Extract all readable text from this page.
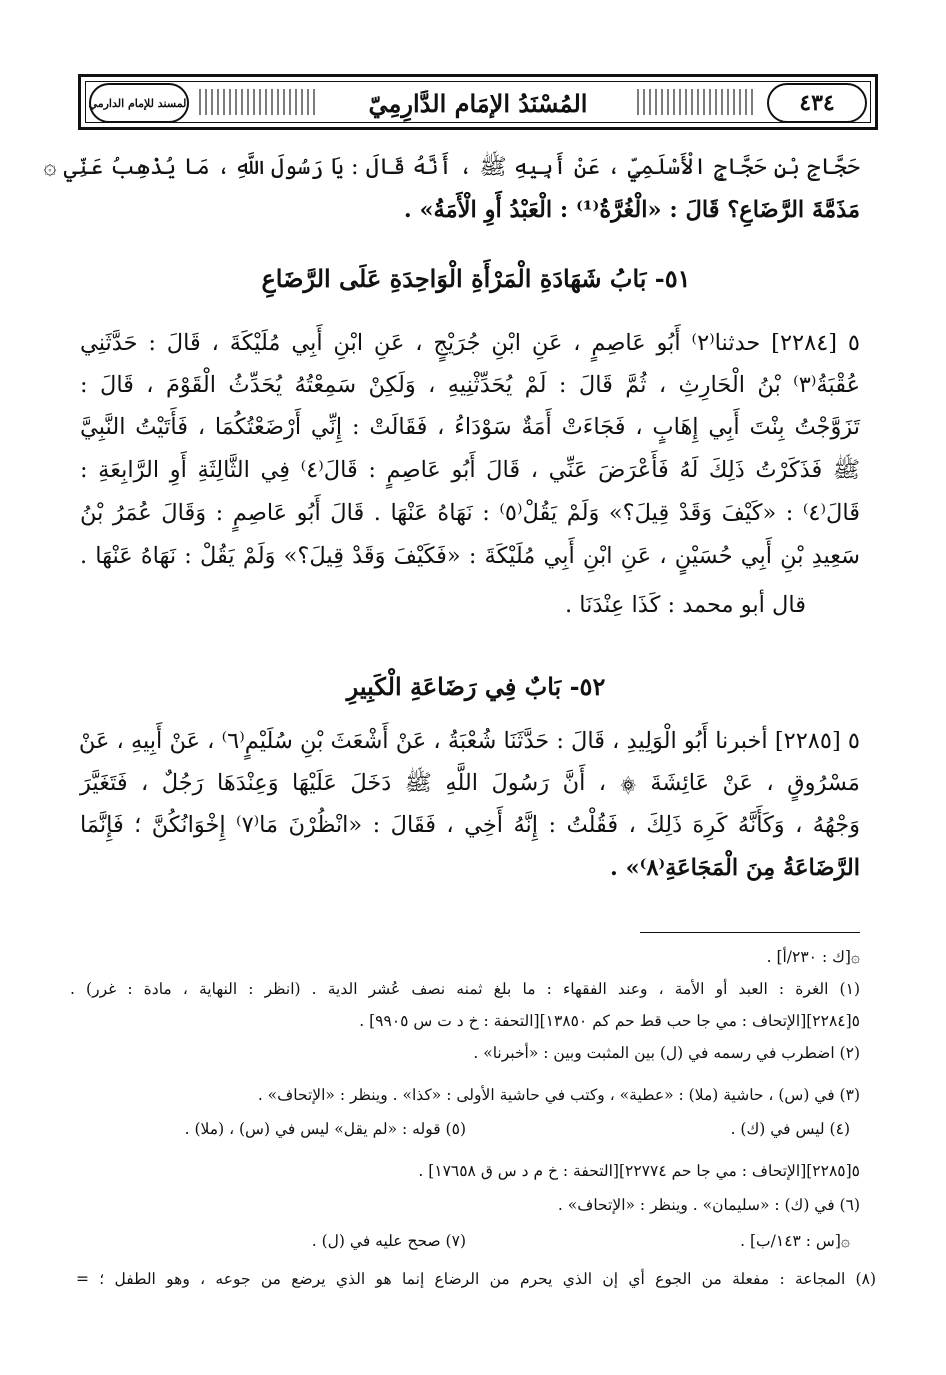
٤٣٤
المُسْنَدُ الإمَام الدَّارِمِيّ
المسند للإمام الدارمي
حَجَّاجِ بْنِ حَجَّاجٍ الْأَسْلَمِيِّ ، عَنْ أَبِيهِ ﷺ ، أَنَّهُ قَالَ : يَا رَسُولَ اللَّهِ ، مَا يُذْهِبُ عَنِّي ۞
مَذَمَّةَ الرَّضَاعِ؟ قَالَ : «الْغُرَّةُ⁽¹⁾ : الْعَبْدُ أَوِ الْأَمَةُ» .
٥١- بَابُ شَهَادَةِ الْمَرْأَةِ الْوَاحِدَةِ عَلَى الرَّضَاعِ
٥ [٢٢٨٤] حدثنا⁽٢⁾ أَبُو عَاصِمٍ ، عَنِ ابْنِ جُرَيْجٍ ، عَنِ ابْنِ أَبِي مُلَيْكَةَ ، قَالَ : حَدَّثَنِي
عُقْبَةُ⁽٣⁾ بْنُ الْحَارِثِ ، ثُمَّ قَالَ : لَمْ يُحَدِّثْنِيهِ ، وَلَكِنْ سَمِعْتُهُ يُحَدِّثُ الْقَوْمَ ، قَالَ :
تَزَوَّجْتُ بِنْتَ أَبِي إِهَابٍ ، فَجَاءَتْ أَمَةٌ سَوْدَاءُ ، فَقَالَتْ : إِنِّي أَرْضَعْتُكُمَا ، فَأَتَيْتُ النَّبِيَّ
ﷺ فَذَكَرْتُ ذَلِكَ لَهُ فَأَعْرَضَ عَنِّي ، قَالَ أَبُو عَاصِمٍ : قَالَ⁽٤⁾ فِي الثَّالِثَةِ أَوِ الرَّابِعَةِ :
قَالَ⁽٤⁾ : «كَيْفَ وَقَدْ قِيلَ؟» وَلَمْ يَقُلْ⁽٥⁾ : نَهَاهُ عَنْهَا . قَالَ أَبُو عَاصِمٍ : وَقَالَ عُمَرُ بْنُ
سَعِيدِ بْنِ أَبِي حُسَيْنٍ ، عَنِ ابْنِ أَبِي مُلَيْكَةَ : «فَكَيْفَ وَقَدْ قِيلَ؟» وَلَمْ يَقُلْ : نَهَاهُ عَنْهَا .
قال أبو محمد : كَذَا عِنْدَنَا .
٥٢- بَابٌ فِي رَضَاعَةِ الْكَبِيرِ
٥ [٢٢٨٥] أخبرنا أَبُو الْوَلِيدِ ، قَالَ : حَدَّثَنَا شُعْبَةُ ، عَنْ أَشْعَثَ بْنِ سُلَيْمٍ⁽٦⁾ ، عَنْ أَبِيهِ ، عَنْ
مَسْرُوقٍ ، عَنْ عَائِشَةَ ۞ ، أَنَّ رَسُولَ اللَّهِ ﷺ دَخَلَ عَلَيْهَا وَعِنْدَهَا رَجُلٌ ، فَتَغَيَّرَ
وَجْهُهُ ، وَكَأَنَّهُ كَرِهَ ذَلِكَ ، فَقُلْتُ : إِنَّهُ أَخِي ، فَقَالَ : «انْظُرْنَ مَا⁽٧⁾ إِخْوَانُكُنَّ ؛ فَإِنَّمَا
الرَّضَاعَةُ مِنَ الْمَجَاعَةِ⁽٨⁾» .
۞[ك : ٢٣٠/أ] .
(١) الغرة : العبد أو الأمة ، وعند الفقهاء : ما بلغ ثمنه نصف عُشر الدية . (انظر : النهاية ، مادة : غرر) .
٥[٢٢٨٤][الإتحاف : مي جا حب قط حم كم ١٣٨٥٠][التحفة : خ د ت س ٩٩٠٥] .
(٢) اضطرب في رسمه في (ل) بين المثبت وبين : «أخبرنا» .
(٣) في (س) ، حاشية (ملا) : «عطية» ، وكتب في حاشية الأولى : «كذا» . وينظر : «الإتحاف» .
(٤) ليس في (ك) .
(٥) قوله : «لم يقل» ليس في (س) ، (ملا) .
٥[٢٢٨٥][الإتحاف : مي جا حم ٢٢٧٧٤][التحفة : خ م د س ق ١٧٦٥٨] .
(٦) في (ك) : «سليمان» . وينظر : «الإتحاف» .
۞[س : ١٤٣/ب] .
(٧) صحح عليه في (ل) .
(٨) المجاعة : مفعلة من الجوع أي إن الذي يحرم من الرضاع إنما هو الذي يرضع من جوعه ، وهو الطفل ؛ =
